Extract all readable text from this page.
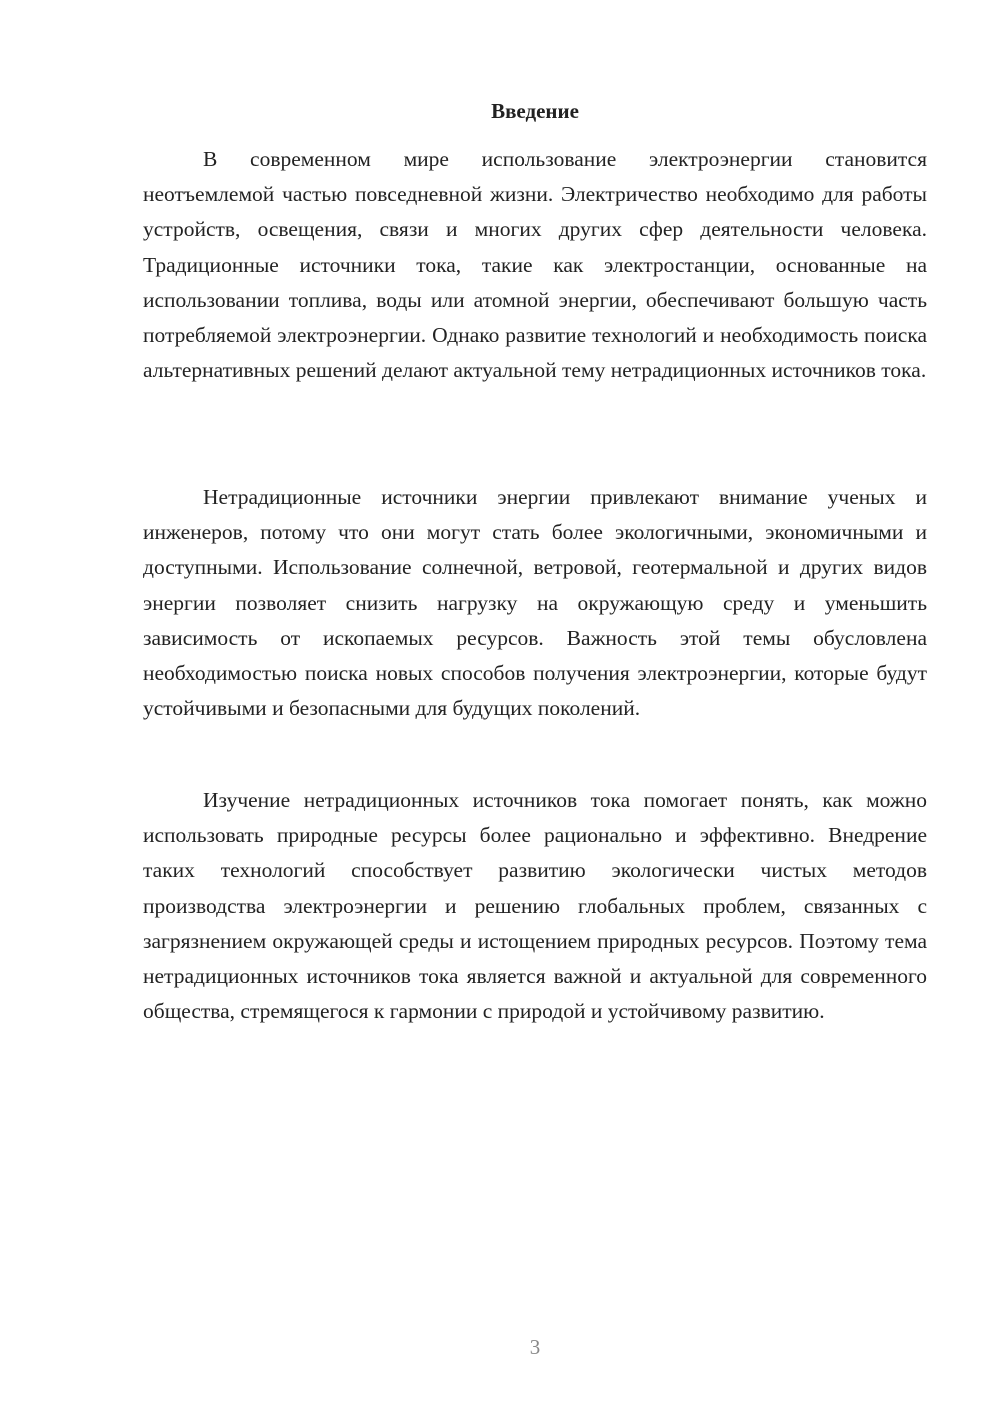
Введение

В современном мире использование электроэнергии становится неотъемлемой частью повседневной жизни. Электричество необходимо для работы устройств, освещения, связи и многих других сфер деятельности человека. Традиционные источники тока, такие как электростанции, основанные на использовании топлива, воды или атомной энергии, обеспечивают большую часть потребляемой электроэнергии. Однако развитие технологий и необходимость поиска альтернативных решений делают актуальной тему нетрадиционных источников тока.

Нетрадиционные источники энергии привлекают внимание ученых и инженеров, потому что они могут стать более экологичными, экономичными и доступными. Использование солнечной, ветровой, геотермальной и других видов энергии позволяет снизить нагрузку на окружающую среду и уменьшить зависимость от ископаемых ресурсов. Важность этой темы обусловлена необходимостью поиска новых способов получения электроэнергии, которые будут устойчивыми и безопасными для будущих поколений.

Изучение нетрадиционных источников тока помогает понять, как можно использовать природные ресурсы более рационально и эффективно. Внедрение таких технологий способствует развитию экологически чистых методов производства электроэнергии и решению глобальных проблем, связанных с загрязнением окружающей среды и истощением природных ресурсов. Поэтому тема нетрадиционных источников тока является важной и актуальной для современного общества, стремящегося к гармонии с природой и устойчивому развитию.

3
